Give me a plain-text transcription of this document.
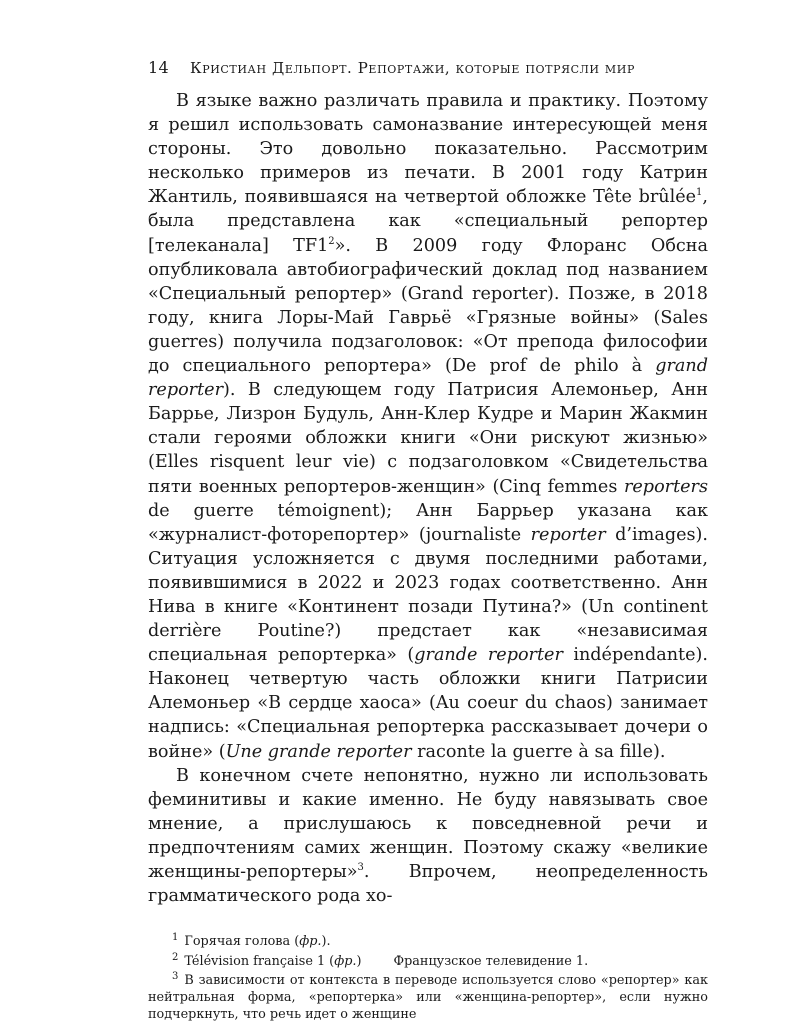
14	Кристиан Дельпорт. Репортажи, которые потрясли мир

В языке важно различать правила и практику. Поэтому я решил использовать самоназвание интересующей меня стороны. Это довольно показательно. Рассмотрим несколько примеров из печати. В 2001 году Катрин Жантиль, появившаяся на четвертой обложке Tête brûlée$^1$, была представлена как «специальный репортер [телеканала] $TF1^2$». В 2009 году Флоранс Обсна опубликовала автобиографический доклад под названием «Специальный репортер» (Grand reporter). Позже, в 2018 году, книга Лоры-Май Гаврьё «Грязные войны» (Sales guerres) получила подзаголовок: «От препода философии до специального репортера» (De prof de philo à grand reporter). В следующем году Патрисия Алемоньер, Анн Баррье, Лизрон Будуль, Анн-Клер Кудре и Марин Жакмин стали героями обложки книги «Они рискуют жизнью» (Elles risquent leur vie) с подзаголовком «Свидетельства пяти военных репортеров-женщин» (Cinq femmes reporters de guerre témoignent); Анн Баррьер указана как «журналист-фоторепортер» (journaliste reporter d’images). Ситуация усложняется с двумя последними работами, появившимися в 2022 и 2023 годах соответственно. Анн Нива в книге «Континент позади Путина?» (Un continent derrière Poutine?) предстает как «независимая специальная репортерка» (grande reporter indépendante). Наконец четвертую часть обложки книги Патрисии Алемоньер «В сердце хаоса» (Au coeur du chaos) занимает надпись: «Специальная репортерка рассказывает дочери о войне» (Une grande reporter raconte la guerre à sa fille).

В конечном счете непонятно, нужно ли использовать феминитивы и какие именно. Не буду навязывать свое мнение, а прислушаюсь к повседневной речи и предпочтениям самих женщин. Поэтому скажу «великие женщины-репортеры»$^3$. Впрочем, неопределенность грамматического рода хо-

$^1$ Горячая голова (фр.).

$^2$ Télévision française 1 (фр.)	Французское телевидение 1.

$^3$ В зависимости от контекста в переводе используется слово «репортер» как нейтральная форма, «репортерка» или «женщина-репортер», если нужно подчеркнуть, что речь идет о женщине
